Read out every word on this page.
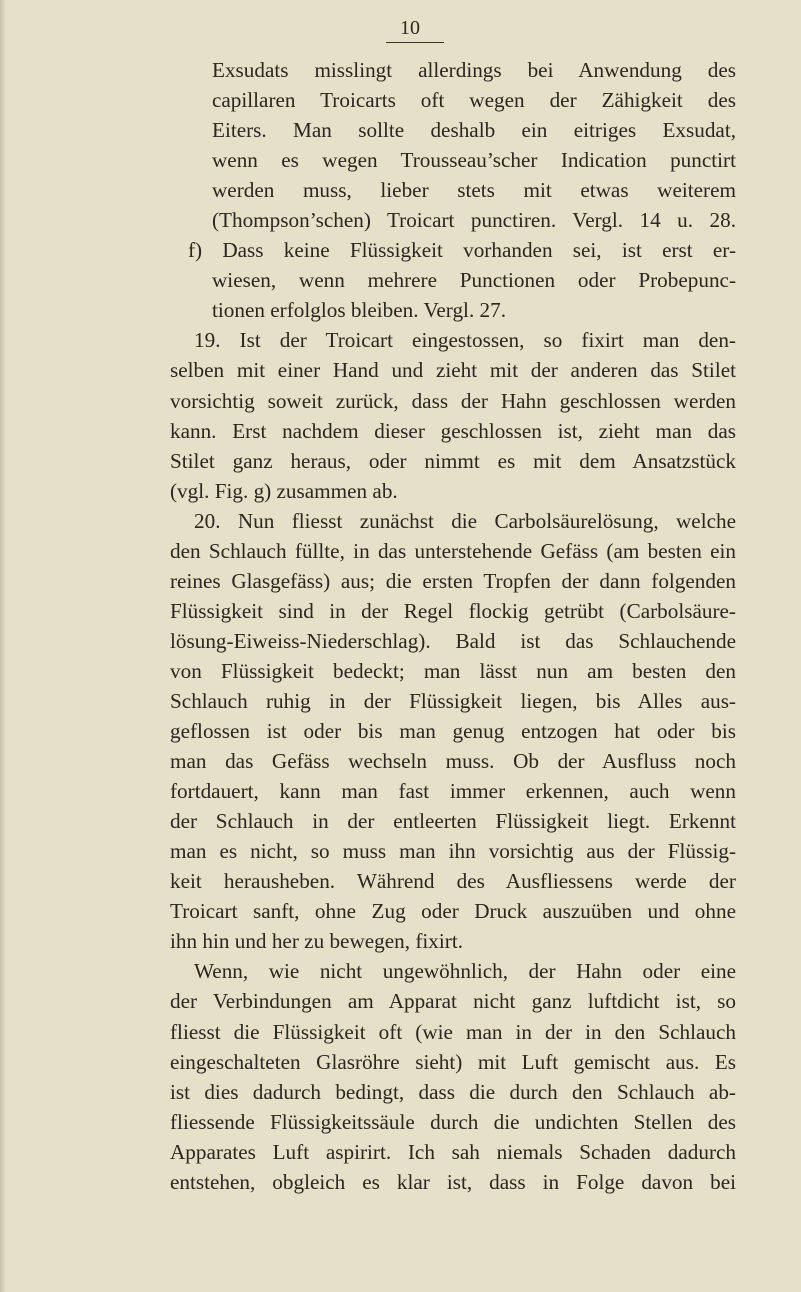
10
Exsudats misslingt allerdings bei Anwendung des
capillaren Troicarts oft wegen der Zähigkeit des
Eiters. Man sollte deshalb ein eitriges Exsudat,
wenn es wegen Trousseau’scher Indication punctirt
werden muss, lieber stets mit etwas weiterem
(Thompson’schen) Troicart punctiren. Vergl. 14 u. 28.
f) Dass keine Flüssigkeit vorhanden sei, ist erst er-
wiesen, wenn mehrere Punctionen oder Probepunc-
tionen erfolglos bleiben. Vergl. 27.
19. Ist der Troicart eingestossen, so fixirt man den-
selben mit einer Hand und zieht mit der anderen das Stilet
vorsichtig soweit zurück, dass der Hahn geschlossen werden
kann. Erst nachdem dieser geschlossen ist, zieht man das
Stilet ganz heraus, oder nimmt es mit dem Ansatzstück
(vgl. Fig. g) zusammen ab.
20. Nun fliesst zunächst die Carbolsäurelösung, welche
den Schlauch füllte, in das unterstehende Gefäss (am besten ein
reines Glasgefäss) aus; die ersten Tropfen der dann folgenden
Flüssigkeit sind in der Regel flockig getrübt (Carbolsäure-
lösung-Eiweiss-Niederschlag). Bald ist das Schlauchende
von Flüssigkeit bedeckt; man lässt nun am besten den
Schlauch ruhig in der Flüssigkeit liegen, bis Alles aus-
geflossen ist oder bis man genug entzogen hat oder bis
man das Gefäss wechseln muss. Ob der Ausfluss noch
fortdauert, kann man fast immer erkennen, auch wenn
der Schlauch in der entleerten Flüssigkeit liegt. Erkennt
man es nicht, so muss man ihn vorsichtig aus der Flüssig-
keit herausheben. Während des Ausfliessens werde der
Troicart sanft, ohne Zug oder Druck auszuüben und ohne
ihn hin und her zu bewegen, fixirt.
Wenn, wie nicht ungewöhnlich, der Hahn oder eine
der Verbindungen am Apparat nicht ganz luftdicht ist, so
fliesst die Flüssigkeit oft (wie man in der in den Schlauch
eingeschalteten Glasröhre sieht) mit Luft gemischt aus. Es
ist dies dadurch bedingt, dass die durch den Schlauch ab-
fliessende Flüssigkeitssäule durch die undichten Stellen des
Apparates Luft aspirirt. Ich sah niemals Schaden dadurch
entstehen, obgleich es klar ist, dass in Folge davon bei
